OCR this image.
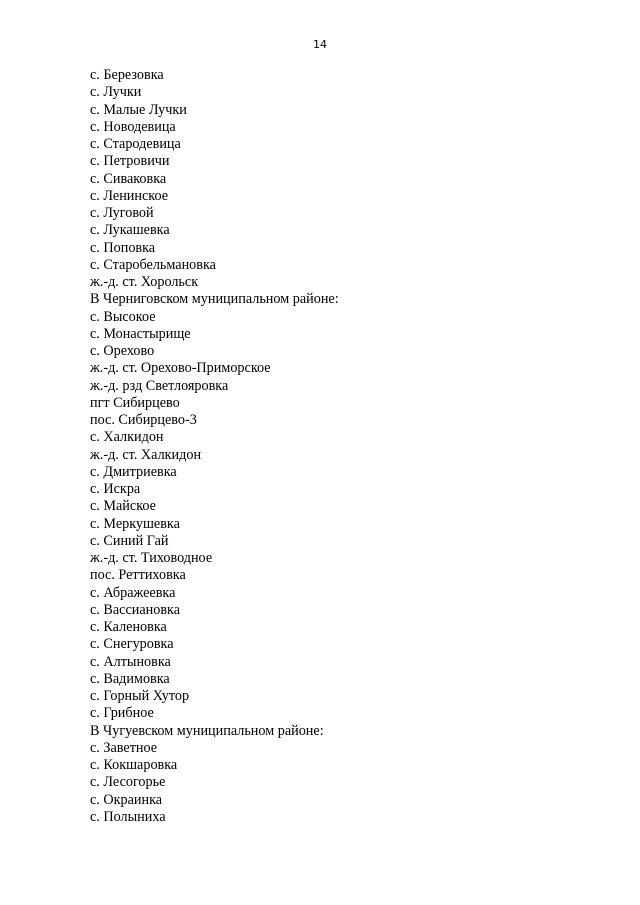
14
с. Березовка
с. Лучки
с. Малые Лучки
с. Новодевица
с. Стародевица
с. Петровичи
с. Сиваковка
с. Ленинское
с. Луговой
с. Лукашевка
с. Поповка
с. Старобельмановка
ж.-д. ст. Хорольск
В Черниговском муниципальном районе:
с. Высокое
с. Монастырище
с. Орехово
ж.-д. ст. Орехово-Приморское
ж.-д. рзд Светлояровка
пгт Сибирцево
пос. Сибирцево-3
с. Халкидон
ж.-д. ст. Халкидон
с. Дмитриевка
с. Искра
с. Майское
с. Меркушевка
с. Синий Гай
ж.-д. ст. Тиховодное
пос. Реттиховка
с. Абражеевка
с. Вассиановка
с. Каленовка
с. Снегуровка
с. Алтыновка
с. Вадимовка
с. Горный Хутор
с. Грибное
В Чугуевском муниципальном районе:
с. Заветное
с. Кокшаровка
с. Лесогорье
с. Окраинка
с. Полыниха
